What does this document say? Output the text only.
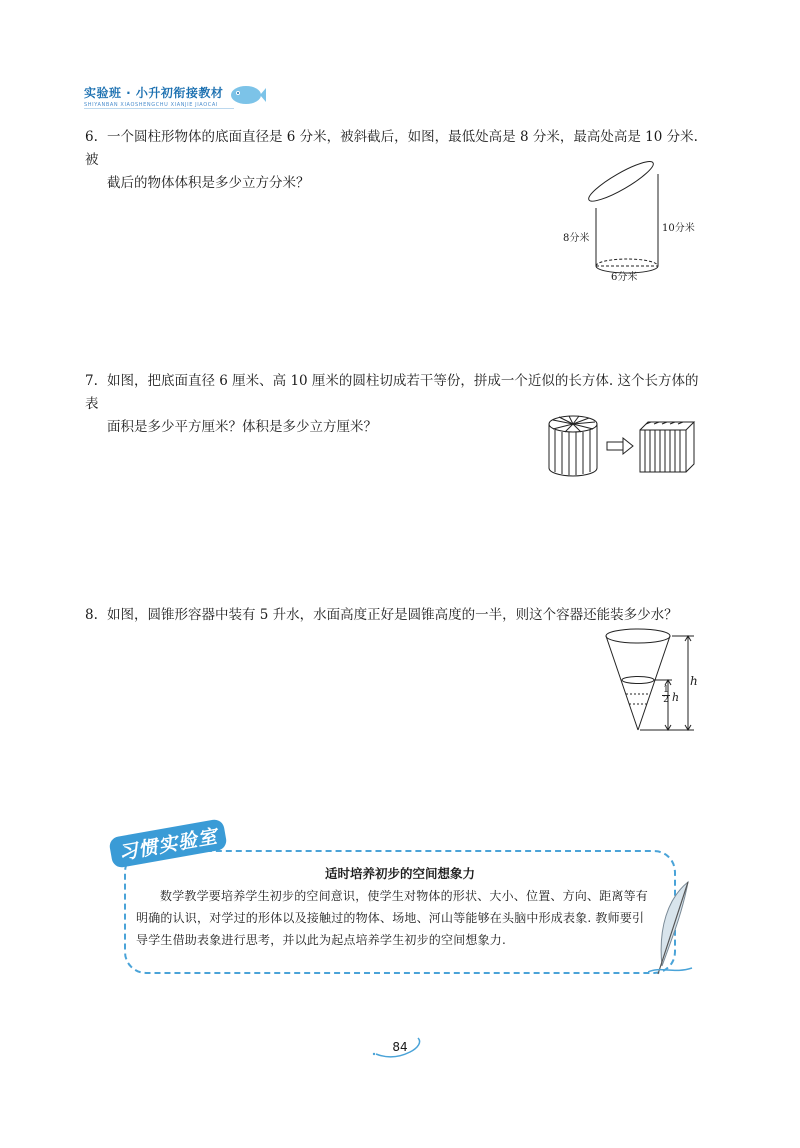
实验班 · 小升初衔接教材
SHIYANBAN XIAOSHENGCHU XIANJIE JIAOCAI
6. 一个圆柱形物体的底面直径是 6 分米，被斜截后，如图，最低处高是 8 分米，最高处高是 10 分米. 被
截后的物体体积是多少立方分米？
8分米
10分米
6分米
7. 如图，把底面直径 6 厘米、高 10 厘米的圆柱切成若干等份，拼成一个近似的长方体. 这个长方体的表
面积是多少平方厘米？体积是多少立方厘米？
8. 如图，圆锥形容器中装有 5 升水，水面高度正好是圆锥高度的一半，则这个容器还能装多少水？
h
1
2 h
习惯实验室
适时培养初步的空间想象力
数学教学要培养学生初步的空间意识，使学生对物体的形状、大小、位置、方向、距离等有明确的认识，对学过的形体以及接触过的物体、场地、河山等能够在头脑中形成表象. 教师要引导学生借助表象进行思考，并以此为起点培养学生初步的空间想象力.
84
